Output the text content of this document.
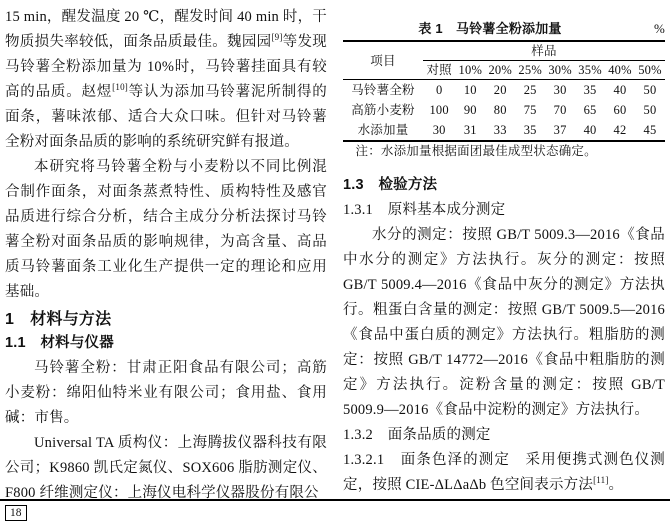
15 min，醒发温度 20 ℃，醒发时间 40 min 时，干物质损失率较低，面条品质最佳。魏园园[9]等发现马铃薯全粉添加量为 10%时，马铃薯挂面具有较高的品质。赵煜[10]等认为添加马铃薯泥所制得的面条，薯味浓郁、适合大众口味。但针对马铃薯全粉对面条品质的影响的系统研究鲜有报道。

本研究将马铃薯全粉与小麦粉以不同比例混合制作面条，对面条蒸煮特性、质构特性及感官品质进行综合分析，结合主成分分析法探讨马铃薯全粉对面条品质的影响规律，为高含量、高品质马铃薯面条工业化生产提供一定的理论和应用基础。

1　材料与方法
1.1　材料与仪器

马铃薯全粉：甘肃正阳食品有限公司；高筋小麦粉：绵阳仙特米业有限公司；食用盐、食用碱：市售。

Universal TA 质构仪：上海腾拔仪器科技有限公司；K9860 凯氏定氮仪、SOX606 脂肪测定仪、F800 纤维测定仪：上海仪电科学仪器股份有限公

表 1　马铃薯全粉添加量	%
项目	样品							
	对照	10%	20%	25%	30%	35%	40%	50%
马铃薯全粉	0	10	20	25	30	35	40	50
高筋小麦粉	100	90	80	75	70	65	60	50
水添加量	30	31	33	35	37	40	42	45

注：水添加量根据面团最佳成型状态确定。

1.3　检验方法
1.3.1　原料基本成分测定

水分的测定：按照 GB/T 5009.3—2016《食品中水分的测定》方法执行。灰分的测定：按照 GB/T 5009.4—2016《食品中灰分的测定》方法执行。粗蛋白含量的测定：按照 GB/T 5009.5—2016《食品中蛋白质的测定》方法执行。粗脂肪的测定：按照 GB/T 14772—2016《食品中粗脂肪的测定》方法执行。淀粉含量的测定：按照 GB/T 5009.9—2016《食品中淀粉的测定》方法执行。

1.3.2　面条品质的测定

1.3.2.1　面条色泽的测定　采用便携式测色仪测定，按照 CIE-ΔLΔaΔb 色空间表示方法[11]。

18
